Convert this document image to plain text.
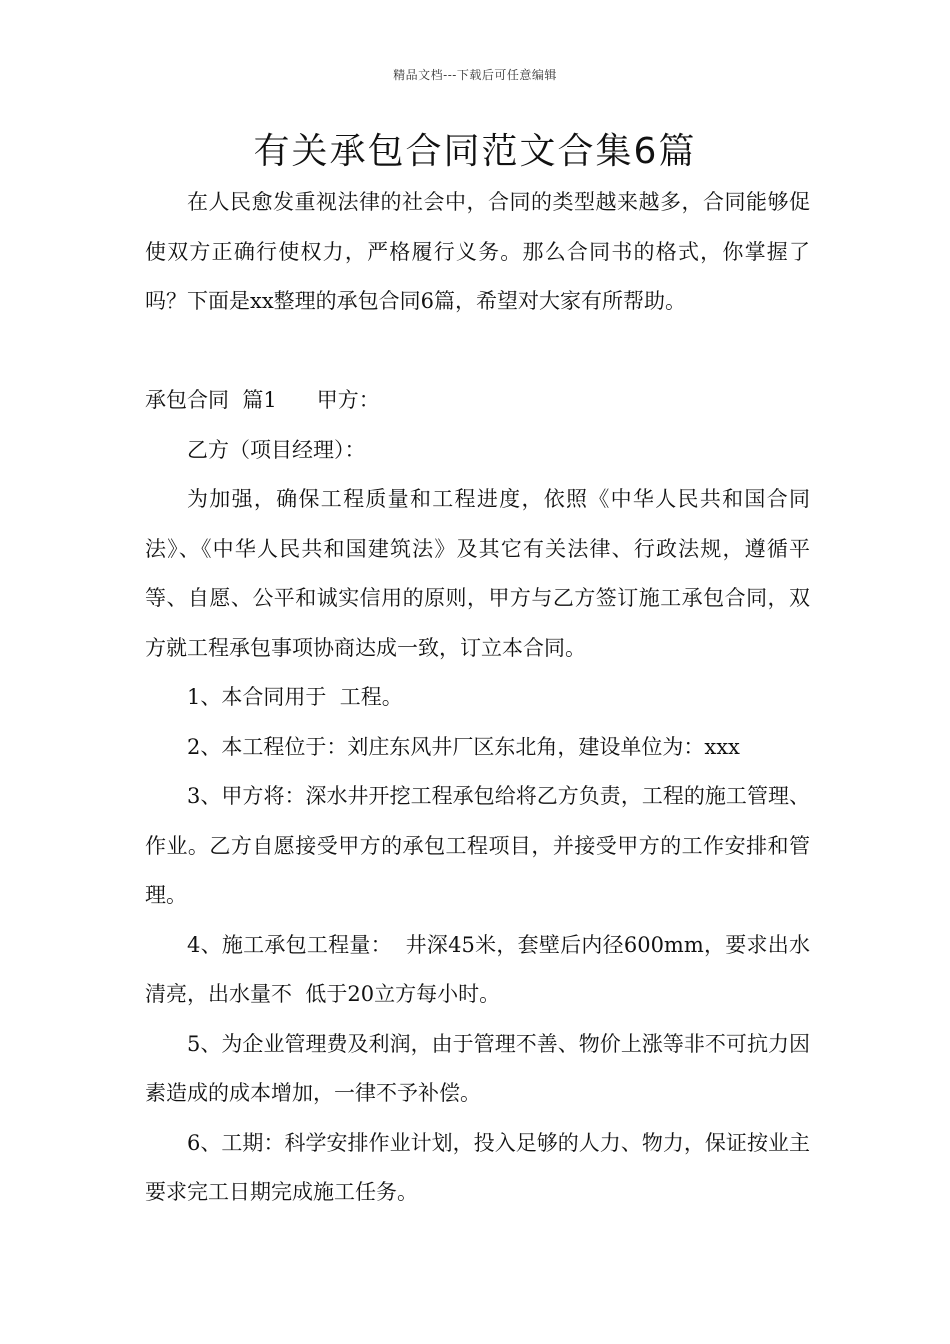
精品文档---下载后可任意编辑
有关承包合同范文合集6篇

在人民愈发重视法律的社会中，合同的类型越来越多，合同能够促使双方正确行使权力，严格履行义务。那么合同书的格式，你掌握了吗？下面是xx整理的承包合同6篇，希望对大家有所帮助。

承包合同  篇1 甲方：

乙方（项目经理）：

为加强，确保工程质量和工程进度，依照《中华人民共和国合同法》、《中华人民共和国建筑法》及其它有关法律、行政法规，遵循平等、自愿、公平和诚实信用的原则，甲方与乙方签订施工承包合同，双方就工程承包事项协商达成一致，订立本合同。

1、本合同用于  工程。

2、本工程位于：刘庄东风井厂区东北角，建设单位为：xxx

3、甲方将：深水井开挖工程承包给将乙方负责，工程的施工管理、作业。乙方自愿接受甲方的承包工程项目，并接受甲方的工作安排和管理。

4、施工承包工程量：  井深45米，套壁后内径600mm，要求出水清亮，出水量不  低于20立方每小时。

5、为企业管理费及利润，由于管理不善、物价上涨等非不可抗力因素造成的成本增加，一律不予补偿。

6、工期：科学安排作业计划，投入足够的人力、物力，保证按业主要求完工日期完成施工任务。
